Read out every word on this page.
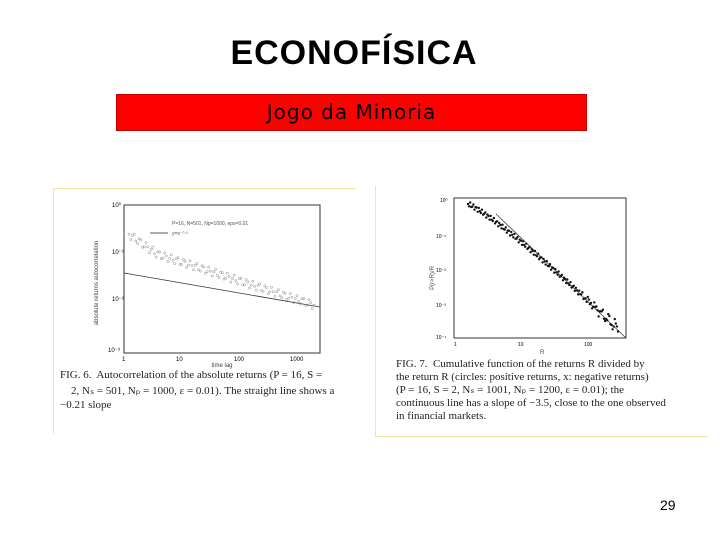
ECONOFÍSICA
Jogo da Minoria
absolute returns autocorrelation
time lag
10⁰
10⁻¹
10⁻²
10⁻³
1	10	100	1000
P=16, N=501, Np=1000, eps=0.01
y=x⁻⁰·²
FIG. 6.  Autocorrelation of the absolute returns (P = 16, S =
2, Nₛ = 501, Nₚ = 1000, ε = 0.01). The straight line shows a
−0.21 slope
P(r>R)/R
R
10⁰
10⁻¹
10⁻²
10⁻³
10⁻⁴
1	10	100
FIG. 7.  Cumulative function of the returns R divided by
the return R (circles: positive returns, x: negative returns)
(P = 16, S = 2, Nₛ = 1001, Nₚ = 1200, ε = 0.01); the
continuous line has a slope of −3.5, close to the one observed
in financial markets.
29
